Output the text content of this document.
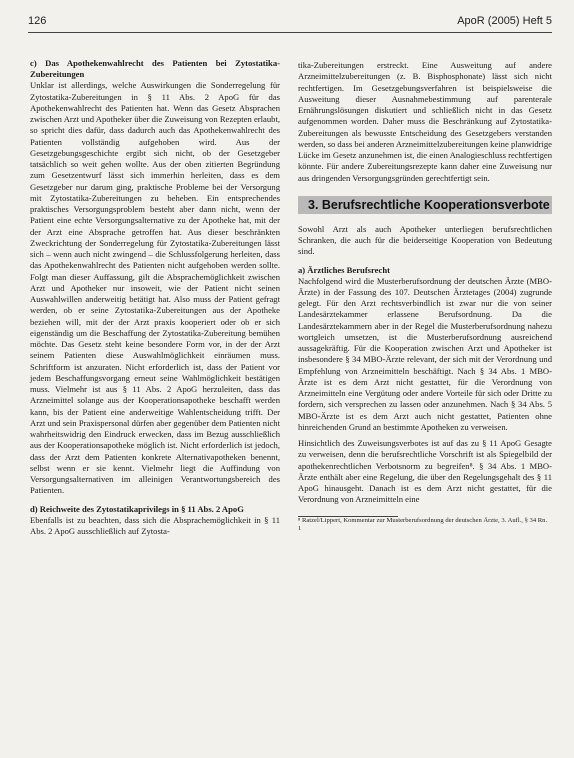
126	ApoR (2005) Heft 5

c) Das Apothekenwahlrecht des Patienten bei Zytostatika-Zubereitungen

Unklar ist allerdings, welche Auswirkungen die Sonderregelung für Zytostatika-Zubereitungen in § 11 Abs. 2 ApoG für das Apothekenwahlrecht des Patienten hat. Wenn das Gesetz Absprachen zwischen Arzt und Apotheker über die Zuweisung von Rezepten erlaubt, so spricht dies dafür, dass dadurch auch das Apothekenwahlrecht des Patienten vollständig aufgehoben wird. Aus der Gesetzgebungsgeschichte ergibt sich nicht, ob der Gesetzgeber tatsächlich so weit gehen wollte. Aus der oben zitierten Begründung zum Gesetzentwurf lässt sich immerhin herleiten, dass es dem Gesetzgeber nur darum ging, praktische Probleme bei der Versorgung mit Zytostatika-Zubereitungen zu beheben. Ein entsprechendes praktisches Versorgungsproblem besteht aber dann nicht, wenn der Patient eine echte Versorgungsalternative zu der Apotheke hat, mit der der Arzt eine Absprache getroffen hat. Aus dieser beschränkten Zweckrichtung der Sonderregelung für Zytostatika-Zubereitungen lässt sich – wenn auch nicht zwingend – die Schlussfolgerung herleiten, dass das Apothekenwahlrecht des Patienten nicht aufgehoben werden sollte. Folgt man dieser Auffassung, gilt die Absprachemöglichkeit zwischen Arzt und Apotheker nur insoweit, wie der Patient nicht seinen Auswahlwillen anderweitig betätigt hat. Also muss der Patient gefragt werden, ob er seine Zytostatika-Zubereitungen aus der Apotheke beziehen will, mit der der Arzt praxis kooperiert oder ob er sich eigenständig um die Beschaffung der Zytostatika-Zubereitung bemühen möchte. Das Gesetz steht keine besondere Form vor, in der der Arzt seinem Patienten diese Auswahlmöglichkeit einräumen muss. Schriftform ist anzuraten. Nicht erforderlich ist, dass der Patient vor jedem Beschaffungsvorgang erneut seine Wahlmöglichkeit bestätigen muss. Vielmehr ist aus § 11 Abs. 2 ApoG herzuleiten, dass das Arzneimittel solange aus der Kooperationsapotheke beschafft werden kann, bis der Patient eine anderweitige Wahlentscheidung trifft. Der Arzt und sein Praxispersonal dürfen aber gegenüber dem Patienten nicht wahrheitswidrig den Eindruck erwecken, dass im Bezug ausschließlich aus der Kooperationsapotheke möglich ist. Nicht erforderlich ist jedoch, dass der Arzt dem Patienten konkrete Alternativapotheken benennt, selbst wenn er sie kennt. Vielmehr liegt die Auffindung von Versorgungsalternativen im alleinigen Verantwortungsbereich des Patienten.

d) Reichweite des Zytostatikaprivilegs in § 11 Abs. 2 ApoG

Ebenfalls ist zu beachten, dass sich die Absprachemöglichkeit in § 11 Abs. 2 ApoG ausschließlich auf Zytosta-

tika-Zubereitungen erstreckt. Eine Ausweitung auf andere Arzneimittelzubereitungen (z. B. Bisphosphonate) lässt sich nicht rechtfertigen. Im Gesetzgebungsverfahren ist beispielsweise die Ausweitung dieser Ausnahmebestimmung auf parenterale Ernährungslösungen diskutiert und schließlich nicht in das Gesetz aufgenommen worden. Daher muss die Beschränkung auf Zytostatika-Zubereitungen als bewusste Entscheidung des Gesetzgebers verstanden werden, so dass bei anderen Arzneimittelzubereitungen keine planwidrige Lücke im Gesetz anzunehmen ist, die einen Analogieschluss rechtfertigen könnte. Für andere Zubereitungsrezepte kann daher eine Zuweisung nur aus dringenden Versorgungsgründen gerechtfertigt sein.

3. Berufsrechtliche Kooperationsverbote

Sowohl Arzt als auch Apotheker unterliegen berufsrechtlichen Schranken, die auch für die beiderseitige Kooperation von Bedeutung sind.

a) Ärztliches Berufsrecht

Nachfolgend wird die Musterberufsordnung der deutschen Ärzte (MBO-Ärzte) in der Fassung des 107. Deutschen Ärztetages (2004) zugrunde gelegt. Für den Arzt rechtsverbindlich ist zwar nur die von seiner Landesärztekammer erlassene Berufsordnung. Da die Landesärztekammern aber in der Regel die Musterberufsordnung nahezu wortgleich umsetzen, ist die Musterberufsordnung ausreichend aussagekräftig. Für die Kooperation zwischen Arzt und Apotheker ist insbesondere § 34 MBO-Ärzte relevant, der sich mit der Verordnung und Empfehlung von Arzneimitteln beschäftigt. Nach § 34 Abs. 1 MBO-Ärzte ist es dem Arzt nicht gestattet, für die Verordnung von Arzneimitteln eine Vergütung oder andere Vorteile für sich oder Dritte zu fordern, sich versprechen zu lassen oder anzunehmen. Nach § 34 Abs. 5 MBO-Ärzte ist es dem Arzt auch nicht gestattet, Patienten ohne hinreichenden Grund an bestimmte Apotheken zu verweisen.

Hinsichtlich des Zuweisungsverbotes ist auf das zu § 11 ApoG Gesagte zu verweisen, denn die berufsrechtliche Vorschrift ist als Spiegelbild der apothekenrechtlichen Verbotsnorm zu begreifen⁸. § 34 Abs. 1 MBO-Ärzte enthält aber eine Regelung, die über den Regelungsgehalt des § 11 ApoG hinausgeht. Danach ist es dem Arzt nicht gestattet, für die Verordnung von Arzneimitteln eine

⁸ Ratzel/Lippert, Kommentar zur Musterberufsordnung der deutschen Ärzte, 3. Aufl., § 34 Rn. 1
